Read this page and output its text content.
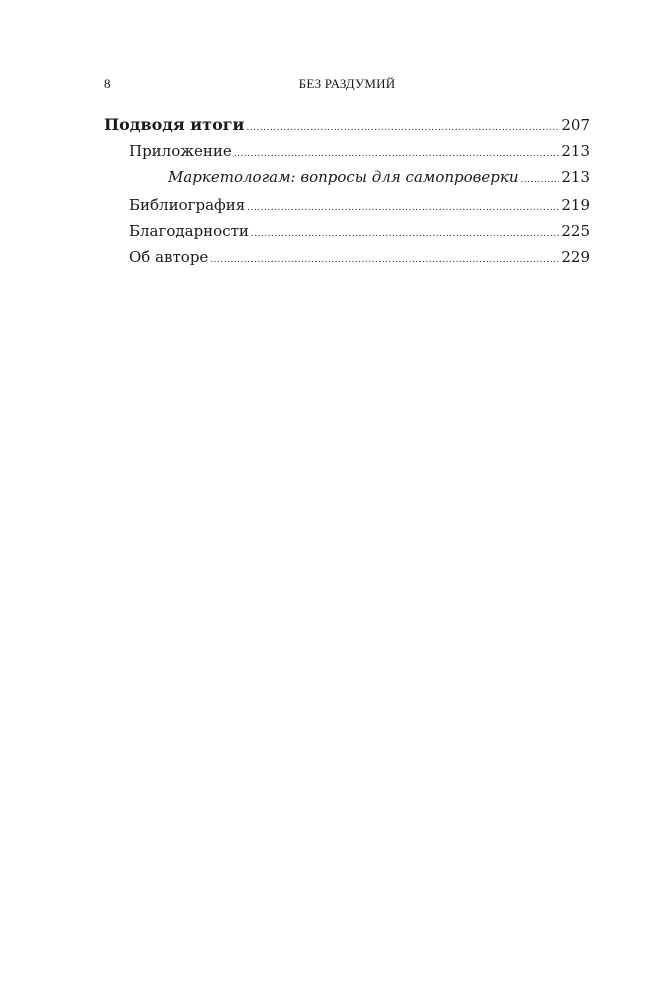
8	БЕЗ РАЗДУМИЙ
Подводя итоги .....	207
Приложение .....	213
Маркетологам: вопросы для самопроверки .....	213
Библиография .....	219
Благодарности .....	225
Об авторе .....	229
